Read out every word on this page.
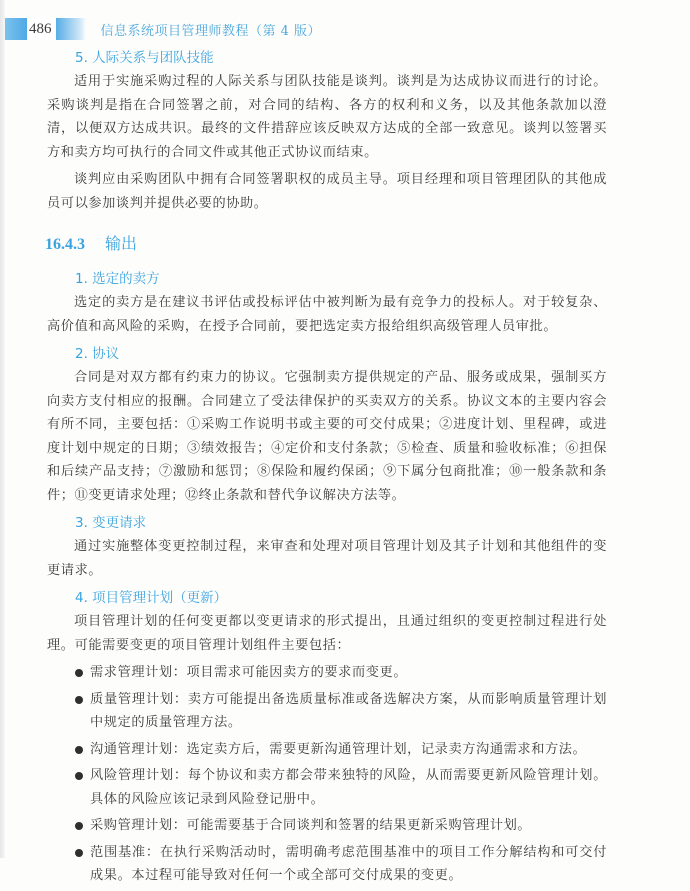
486	信息系统项目管理师教程（第 4 版）
5. 人际关系与团队技能

适用于实施采购过程的人际关系与团队技能是谈判。谈判是为达成协议而进行的讨论。采购谈判是指在合同签署之前，对合同的结构、各方的权利和义务，以及其他条款加以澄清，以便双方达成共识。最终的文件措辞应该反映双方达成的全部一致意见。谈判以签署买方和卖方均可执行的合同文件或其他正式协议而结束。

谈判应由采购团队中拥有合同签署职权的成员主导。项目经理和项目管理团队的其他成员可以参加谈判并提供必要的协助。

16.4.3 输出
1. 选定的卖方

选定的卖方是在建议书评估或投标评估中被判断为最有竞争力的投标人。对于较复杂、高价值和高风险的采购，在授予合同前，要把选定卖方报给组织高级管理人员审批。

2. 协议

合同是对双方都有约束力的协议。它强制卖方提供规定的产品、服务或成果，强制买方向卖方支付相应的报酬。合同建立了受法律保护的买卖双方的关系。协议文本的主要内容会有所不同，主要包括：①采购工作说明书或主要的可交付成果；②进度计划、里程碑，或进度计划中规定的日期；③绩效报告；④定价和支付条款；⑤检查、质量和验收标准；⑥担保和后续产品支持；⑦激励和惩罚；⑧保险和履约保函；⑨下属分包商批准；⑩一般条款和条件；⑪变更请求处理；⑫终止条款和替代争议解决方法等。

3. 变更请求

通过实施整体变更控制过程，来审查和处理对项目管理计划及其子计划和其他组件的变更请求。

4. 项目管理计划（更新）

项目管理计划的任何变更都以变更请求的形式提出，且通过组织的变更控制过程进行处理。可能需要变更的项目管理计划组件主要包括：

需求管理计划：项目需求可能因卖方的要求而变更。
质量管理计划：卖方可能提出备选质量标准或备选解决方案，从而影响质量管理计划中规定的质量管理方法。
沟通管理计划：选定卖方后，需要更新沟通管理计划，记录卖方沟通需求和方法。
风险管理计划：每个协议和卖方都会带来独特的风险，从而需要更新风险管理计划。具体的风险应该记录到风险登记册中。
采购管理计划：可能需要基于合同谈判和签署的结果更新采购管理计划。
范围基准：在执行采购活动时，需明确考虑范围基准中的项目工作分解结构和可交付成果。本过程可能导致对任何一个或全部可交付成果的变更。
